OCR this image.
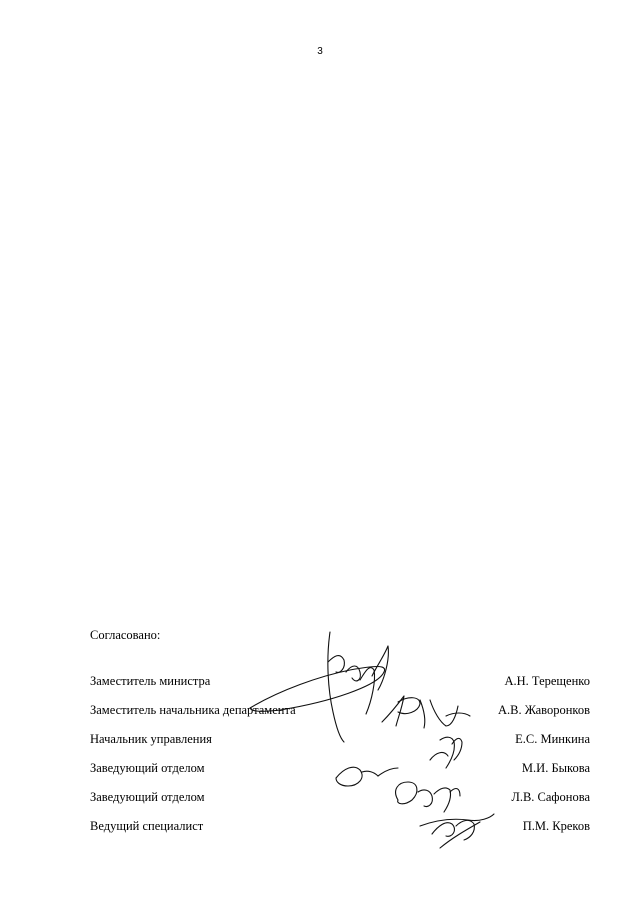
3
Согласовано:
Заместитель министра	А.Н. Терещенко
Заместитель начальника департамента	А.В. Жаворонков
Начальник управления	Е.С. Минкина
Заведующий отделом	М.И. Быкова
Заведующий отделом	Л.В. Сафонова
Ведущий специалист	П.М. Креков
